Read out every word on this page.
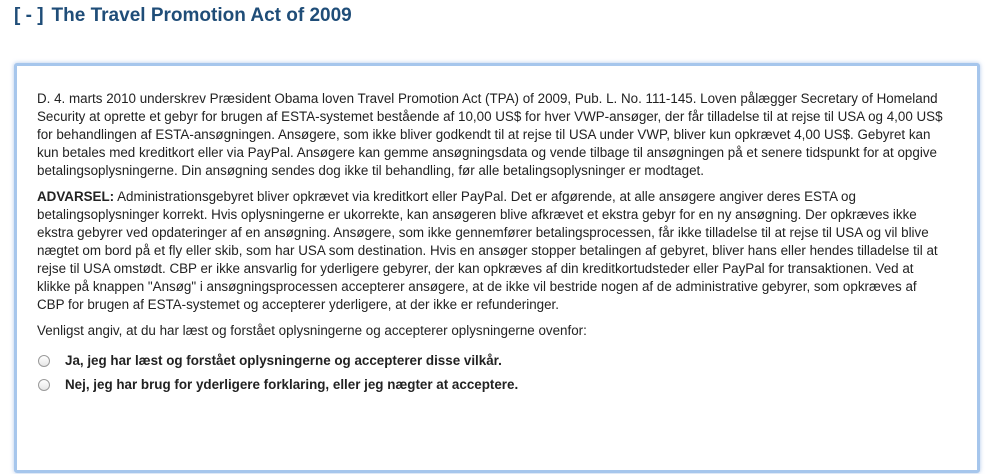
[ - ] The Travel Promotion Act of 2009

D. 4. marts 2010 underskrev Præsident Obama loven Travel Promotion Act (TPA) of 2009, Pub. L. No. 111-145. Loven pålægger Secretary of Homeland Security at oprette et gebyr for brugen af ESTA-systemet bestående af 10,00 US$ for hver VWP-ansøger, der får tilladelse til at rejse til USA og 4,00 US$ for behandlingen af ESTA-ansøgningen. Ansøgere, som ikke bliver godkendt til at rejse til USA under VWP, bliver kun opkrævet 4,00 US$. Gebyret kan kun betales med kreditkort eller via PayPal. Ansøgere kan gemme ansøgningsdata og vende tilbage til ansøgningen på et senere tidspunkt for at opgive betalingsoplysningerne. Din ansøgning sendes dog ikke til behandling, før alle betalingsoplysninger er modtaget.

ADVARSEL: Administrationsgebyret bliver opkrævet via kreditkort eller PayPal. Det er afgørende, at alle ansøgere angiver deres ESTA og betalingsoplysninger korrekt. Hvis oplysningerne er ukorrekte, kan ansøgeren blive afkrævet et ekstra gebyr for en ny ansøgning. Der opkræves ikke ekstra gebyrer ved opdateringer af en ansøgning. Ansøgere, som ikke gennemfører betalingsprocessen, får ikke tilladelse til at rejse til USA og vil blive nægtet om bord på et fly eller skib, som har USA som destination. Hvis en ansøger stopper betalingen af gebyret, bliver hans eller hendes tilladelse til at rejse til USA omstødt. CBP er ikke ansvarlig for yderligere gebyrer, der kan opkræves af din kreditkortudsteder eller PayPal for transaktionen. Ved at klikke på knappen "Ansøg" i ansøgningsprocessen accepterer ansøgere, at de ikke vil bestride nogen af de administrative gebyrer, som opkræves af CBP for brugen af ESTA-systemet og accepterer yderligere, at der ikke er refunderinger.

Venligst angiv, at du har læst og forstået oplysningerne og accepterer oplysningerne ovenfor:

Ja, jeg har læst og forstået oplysningerne og accepterer disse vilkår.
Nej, jeg har brug for yderligere forklaring, eller jeg nægter at acceptere.
